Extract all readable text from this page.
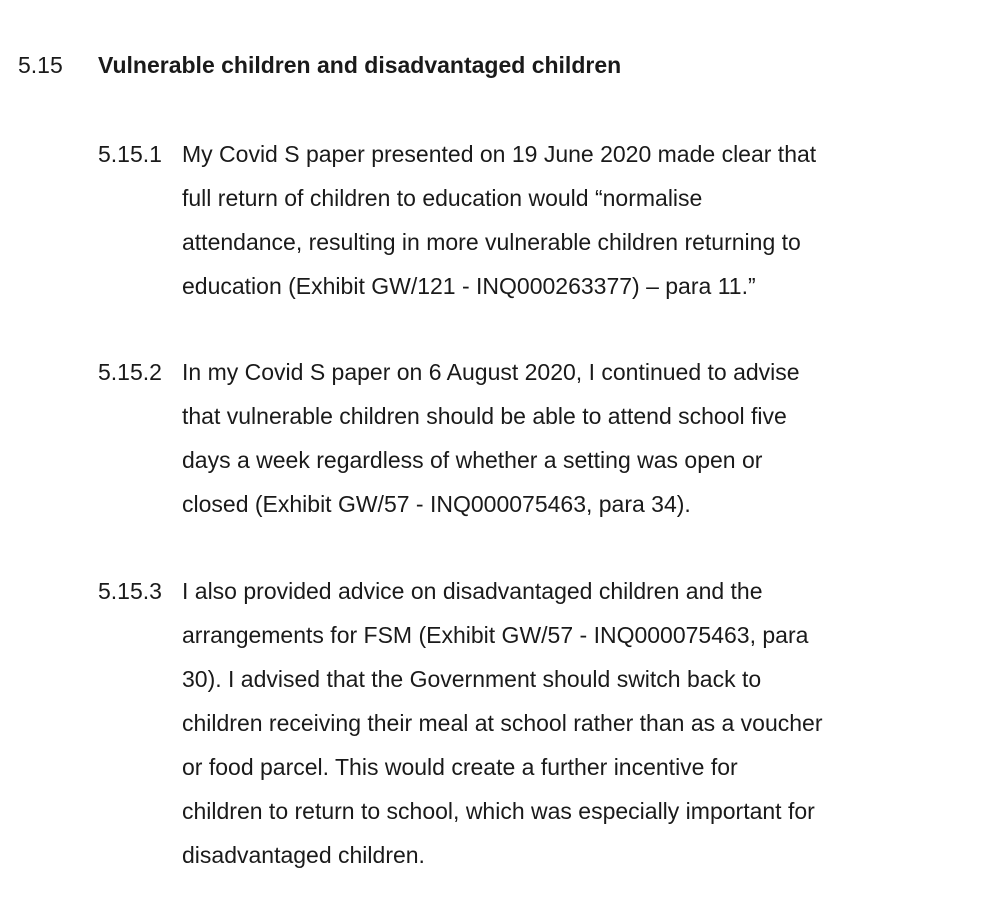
5.15 Vulnerable children and disadvantaged children
5.15.1 My Covid S paper presented on 19 June 2020 made clear that
full return of children to education would “normalise
attendance, resulting in more vulnerable children returning to
education (Exhibit GW/121 - INQ000263377) – para 11.”
5.15.2 In my Covid S paper on 6 August 2020, I continued to advise
that vulnerable children should be able to attend school five
days a week regardless of whether a setting was open or
closed (Exhibit GW/57 - INQ000075463, para 34).
5.15.3 I also provided advice on disadvantaged children and the
arrangements for FSM (Exhibit GW/57 - INQ000075463, para
30). I advised that the Government should switch back to
children receiving their meal at school rather than as a voucher
or food parcel. This would create a further incentive for
children to return to school, which was especially important for
disadvantaged children.
